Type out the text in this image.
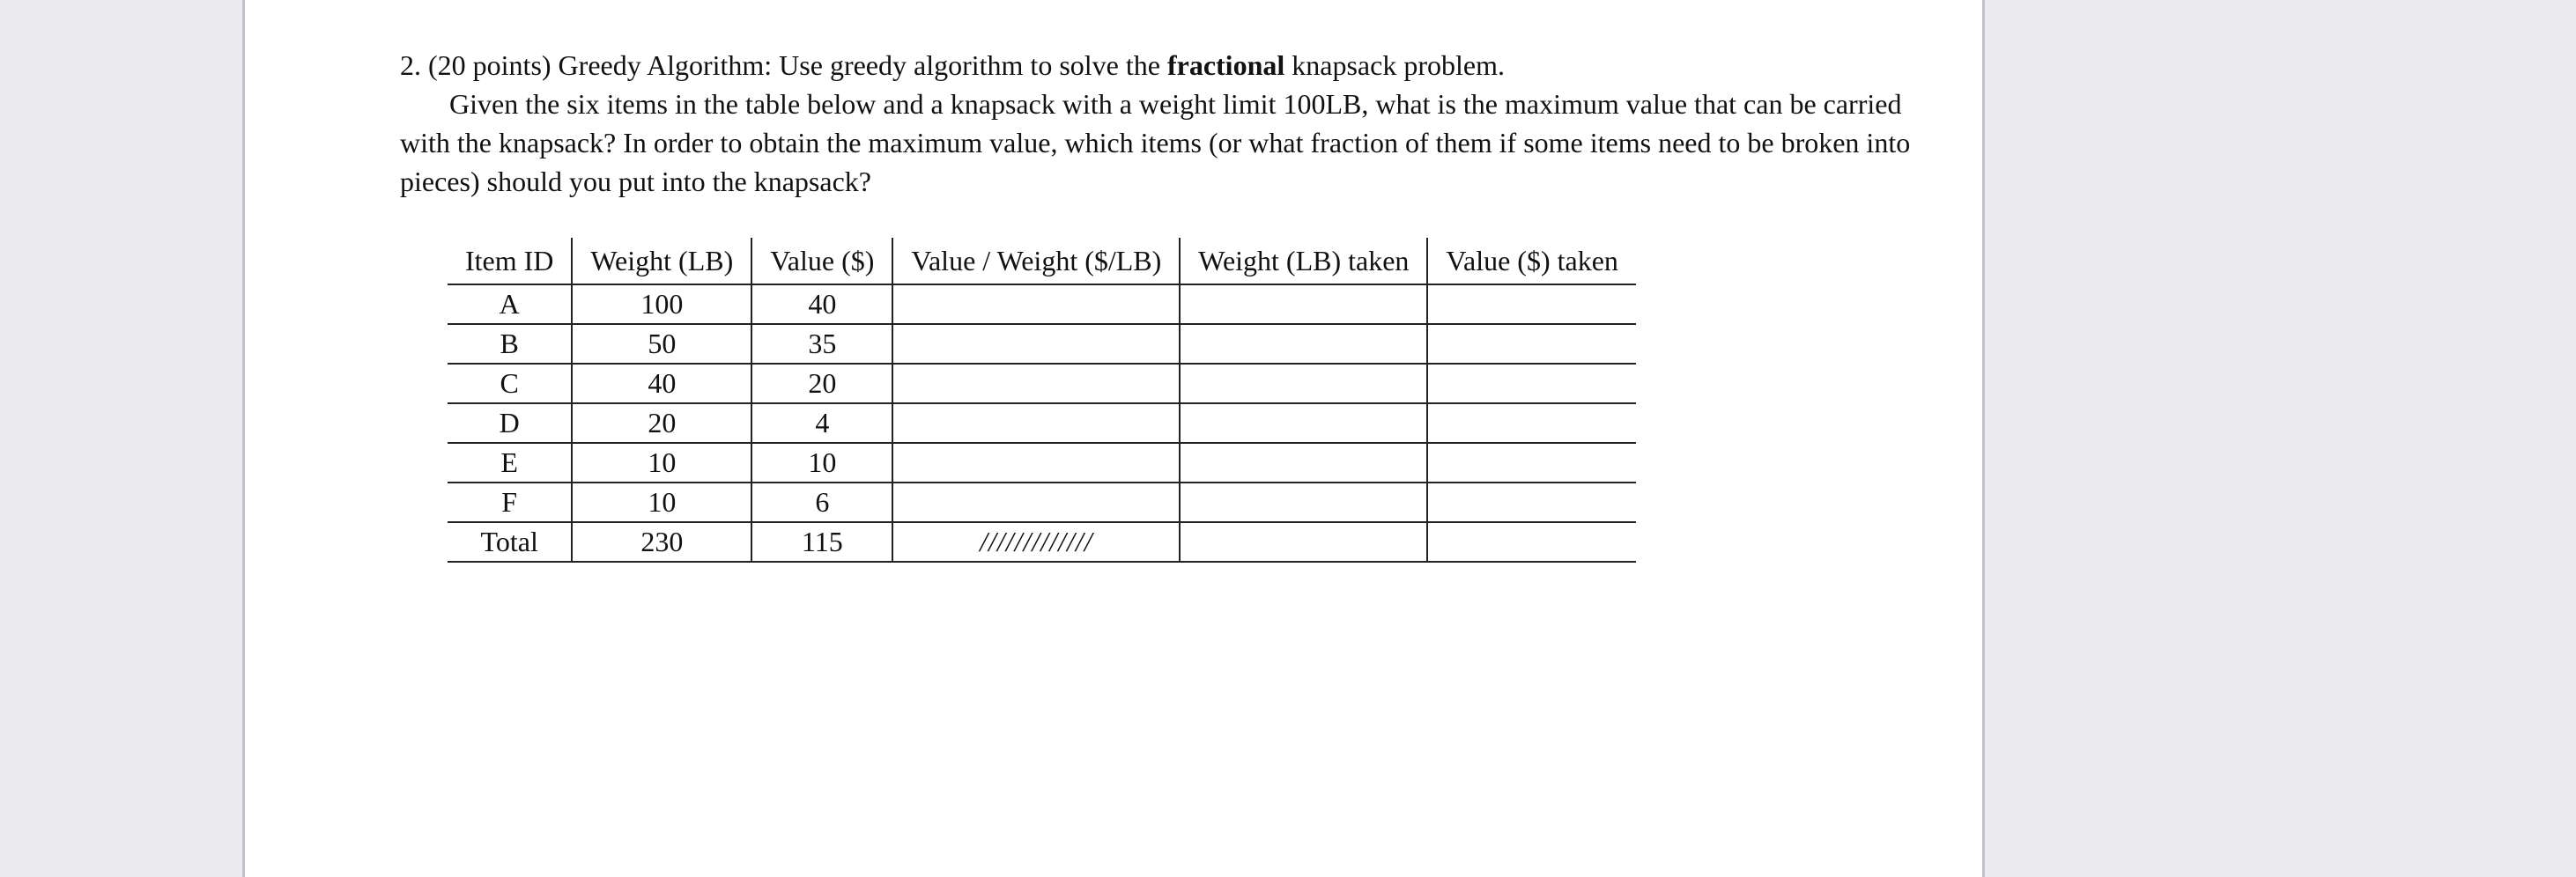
2. (20 points) Greedy Algorithm: Use greedy algorithm to solve the fractional knapsack problem.

Given the six items in the table below and a knapsack with a weight limit 100LB, what is the maximum value that can be carried with the knapsack? In order to obtain the maximum value, which items (or what fraction of them if some items need to be broken into pieces) should you put into the knapsack?

Item ID	Weight (LB)	Value ($)	Value / Weight ($/LB)	Weight (LB) taken	Value ($) taken
A	100	40			
B	50	35			
C	40	20			
D	20	4			
E	10	10			
F	10	6			
Total	230	115	/////////////		
